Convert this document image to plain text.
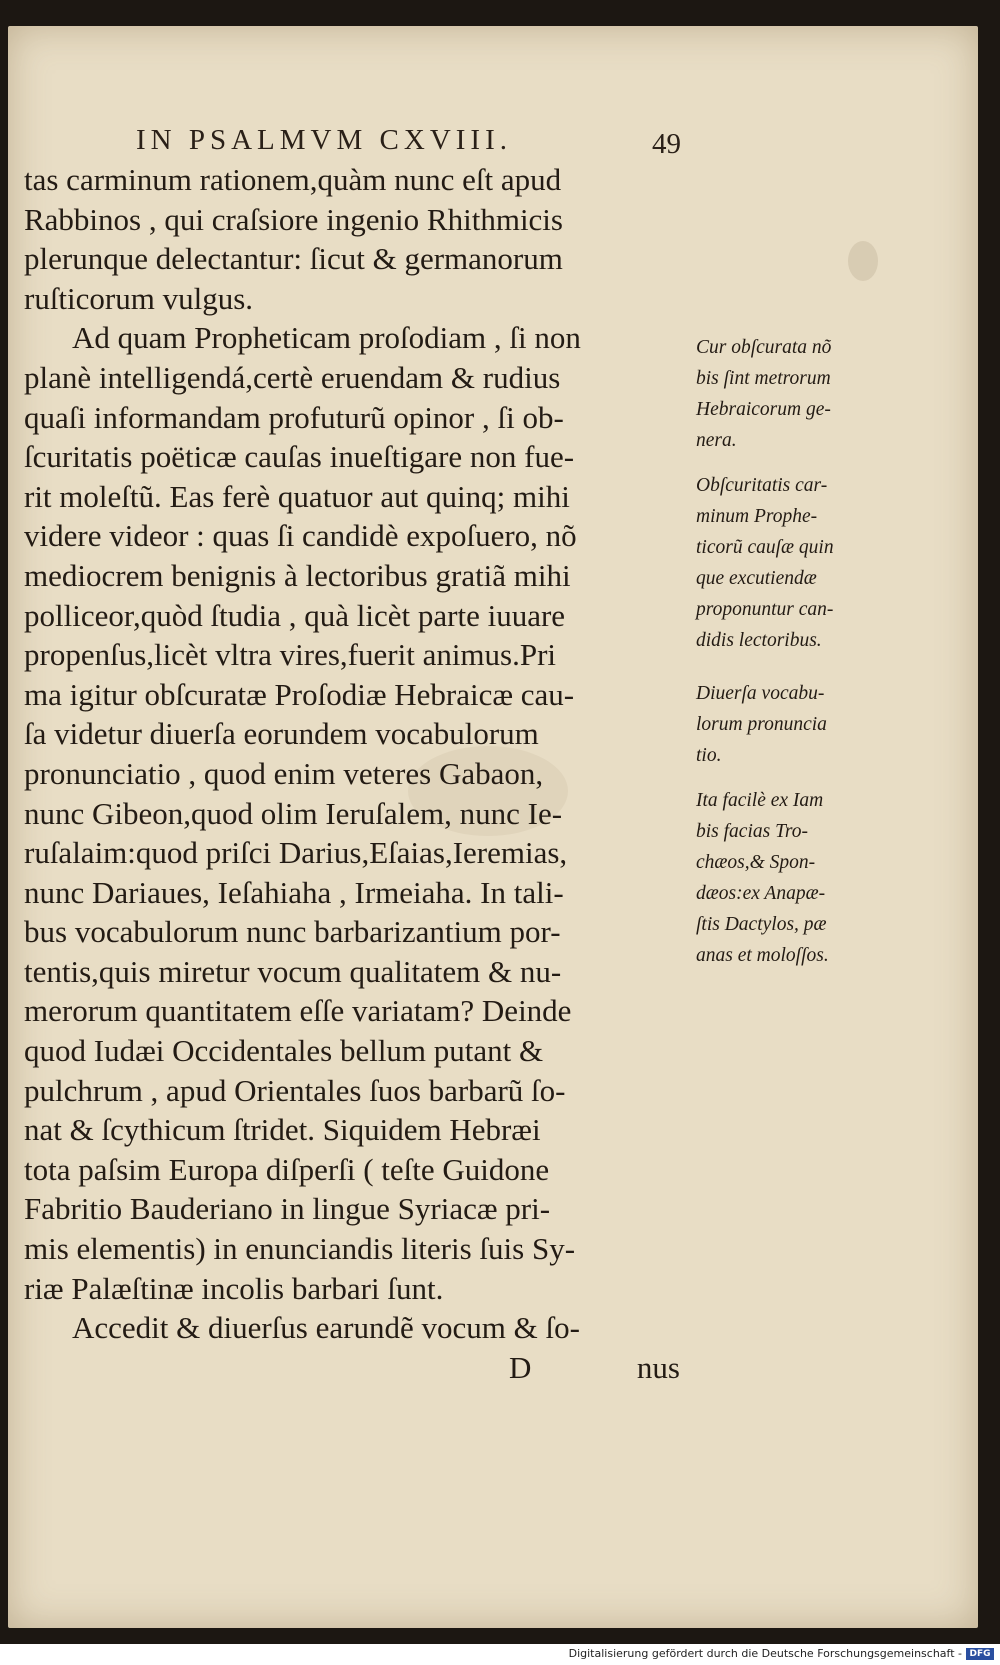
IN PSALMVM CXVIII.	49
tas carminum rationem,quàm nunc eſt apud
Rabbinos , qui craſsiore ingenio Rhithmicis
plerunque delectantur: ſicut & germanorum
ruſticorum vulgus.
Ad quam Propheticam proſodiam , ſi non
planè intelligendá,certè eruendam & rudius
quaſi informandam profuturũ opinor , ſi ob-
ſcuritatis poëticæ cauſas inueſtigare non fue-
rit moleſtũ. Eas ferè quatuor aut quinq; mihi
videre videor : quas ſi candidè expoſuero, nõ
mediocrem benignis à lectoribus gratiã mihi
polliceor,quòd ſtudia , quà licèt parte iuuare
propenſus,licèt vltra vires,fuerit animus.Pri
ma igitur obſcuratæ Proſodiæ Hebraicæ cau-
ſa videtur diuerſa eorundem vocabulorum
pronunciatio , quod enim veteres Gabaon,
nunc Gibeon,quod olim Ieruſalem, nunc Ie-
ruſalaim:quod priſci Darius,Eſaias,Ieremias,
nunc Dariaues, Ieſahiaha , Irmeiaha. In tali-
bus vocabulorum nunc barbarizantium por-
tentis,quis miretur vocum qualitatem & nu-
merorum quantitatem eſſe variatam? Deinde
quod Iudæi Occidentales bellum putant &
pulchrum , apud Orientales ſuos barbarũ ſo-
nat & ſcythicum ſtridet. Siquidem Hebræi
tota paſsim Europa diſperſi ( teſte Guidone
Fabritio Bauderiano in lingue Syriacæ pri-
mis elementis) in enunciandis literis ſuis Sy-
riæ Palæſtinæ incolis barbari ſunt.
Accedit & diuerſus earundẽ vocum & ſo-
D	nus
Cur obſcurata nõ
bis ſint metrorum
Hebraicorum ge-
nera.
Obſcuritatis car-
minum Prophe-
ticorũ cauſæ quin
que excutiendæ
proponuntur can-
didis lectoribus.
Diuerſa vocabu-
lorum pronuncia
tio.
Ita facilè ex Iam
bis facias Tro-
chæos,& Spon-
dæos:ex Anapæ-
ſtis Dactylos, pæ
anas et moloſſos.
Digitalisierung gefördert durch die Deutsche Forschungsgemeinschaft - DFG
